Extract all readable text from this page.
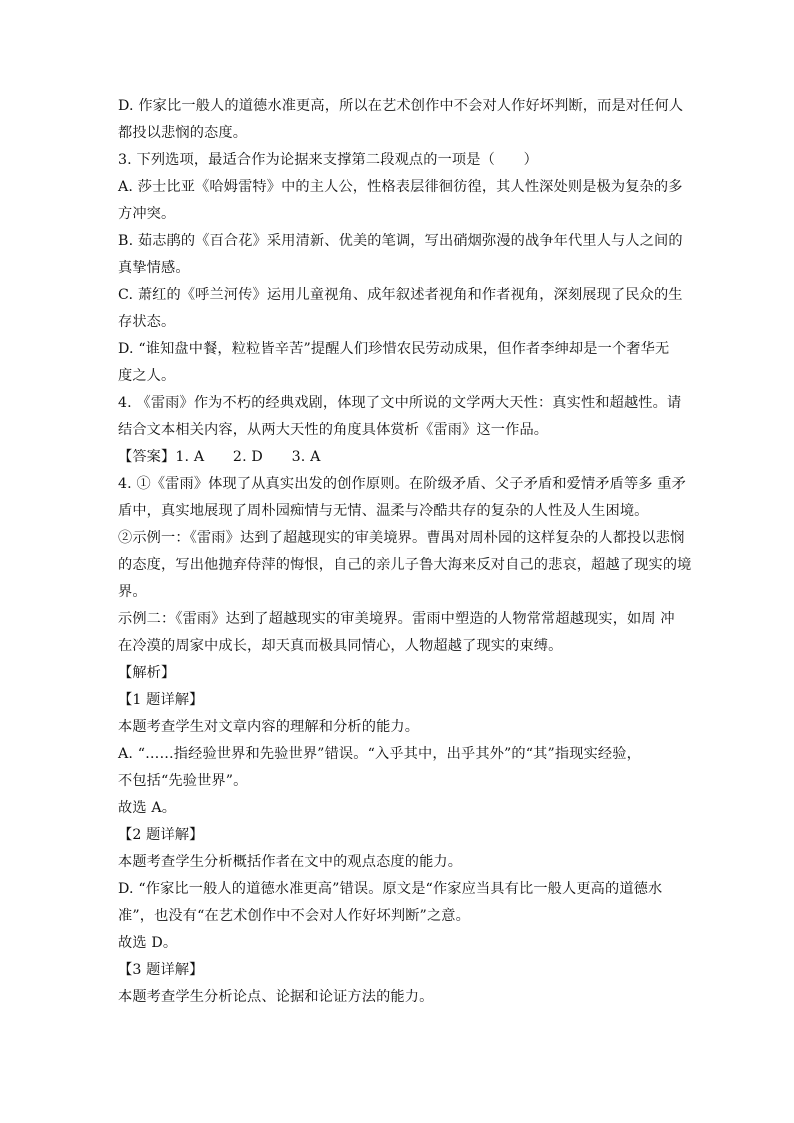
D. 作家比一般人的道德水准更高，所以在艺术创作中不会对人作好坏判断，而是对任何人
都投以悲悯的态度。
3. 下列选项，最适合作为论据来支撑第二段观点的一项是（　　）
A. 莎士比亚《哈姆雷特》中的主人公，性格表层徘徊彷徨，其人性深处则是极为复杂的多
方冲突。
B. 茹志鹃的《百合花》采用清新、优美的笔调，写出硝烟弥漫的战争年代里人与人之间的
真挚情感。
C. 萧红的《呼兰河传》运用儿童视角、成年叙述者视角和作者视角，深刻展现了民众的生
存状态。
D. “谁知盘中餐，粒粒皆辛苦”提醒人们珍惜农民劳动成果，但作者李绅却是一个奢华无
度之人。
4. 《雷雨》作为不朽的经典戏剧，体现了文中所说的文学两大天性：真实性和超越性。请
结合文本相关内容，从两大天性的角度具体赏析《雷雨》这一作品。
【答案】1. A　　2. D　　3. A
4. ①《雷雨》体现了从真实出发的创作原则。在阶级矛盾、父子矛盾和爱情矛盾等多 重矛
盾中，真实地展现了周朴园痴情与无情、温柔与冷酷共存的复杂的人性及人生困境。
②示例一：《雷雨》达到了超越现实的审美境界。曹禺对周朴园的这样复杂的人都投以悲悯
的态度，写出他抛弃侍萍的悔恨，自己的亲儿子鲁大海来反对自己的悲哀，超越了现实的境
界。
示例二：《雷雨》达到了超越现实的审美境界。雷雨中塑造的人物常常超越现实，如周 冲
在冷漠的周家中成长，却天真而极具同情心，人物超越了现实的束缚。
【解析】
【1 题详解】
本题考查学生对文章内容的理解和分析的能力。
A. “……指经验世界和先验世界”错误。“入乎其中，出乎其外”的“其”指现实经验，
不包括“先验世界”。
故选 A。
【2 题详解】
本题考查学生分析概括作者在文中的观点态度的能力。
D. “作家比一般人的道德水准更高”错误。原文是“作家应当具有比一般人更高的道德水
准”，也没有“在艺术创作中不会对人作好坏判断”之意。
故选 D。
【3 题详解】
本题考查学生分析论点、论据和论证方法的能力。
